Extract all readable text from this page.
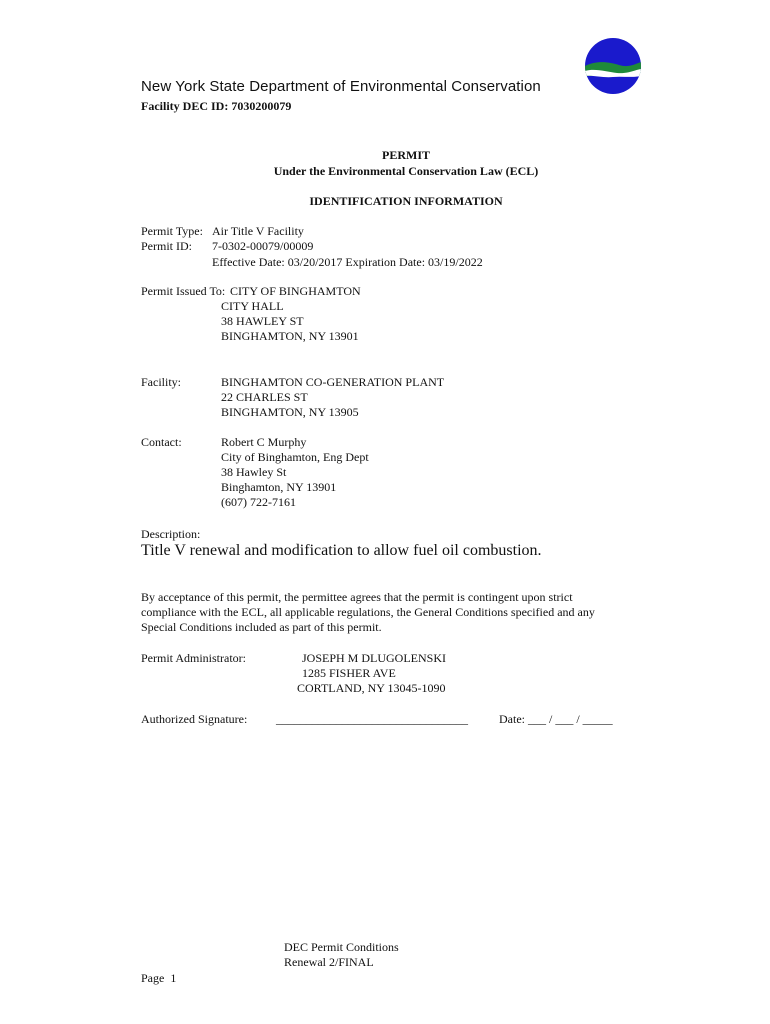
New York State Department of Environmental Conservation
Facility DEC ID: 7030200079
PERMIT
Under the Environmental Conservation Law (ECL)
IDENTIFICATION INFORMATION
Permit Type: Air Title V Facility
Permit ID: 7-0302-00079/00009
Effective Date: 03/20/2017 Expiration Date: 03/19/2022
Permit Issued To: CITY OF BINGHAMTON
CITY HALL
38 HAWLEY ST
BINGHAMTON, NY 13901
Facility:	BINGHAMTON CO-GENERATION PLANT
22 CHARLES ST
BINGHAMTON, NY 13905
Contact:	Robert C Murphy
City of Binghamton, Eng Dept
38 Hawley St
Binghamton, NY 13901
(607) 722-7161
Description:
Title V renewal and modification to allow fuel oil combustion.
By acceptance of this permit, the permittee agrees that the permit is contingent upon strict
compliance with the ECL, all applicable regulations, the General Conditions specified and any
Special Conditions included as part of this permit.
Permit Administrator:	JOSEPH M DLUGOLENSKI
1285 FISHER AVE
CORTLAND, NY 13045-1090
Authorized Signature: ________________________________	Date: ___ / ___ / _____
DEC Permit Conditions
Renewal 2/FINAL
Page  1
